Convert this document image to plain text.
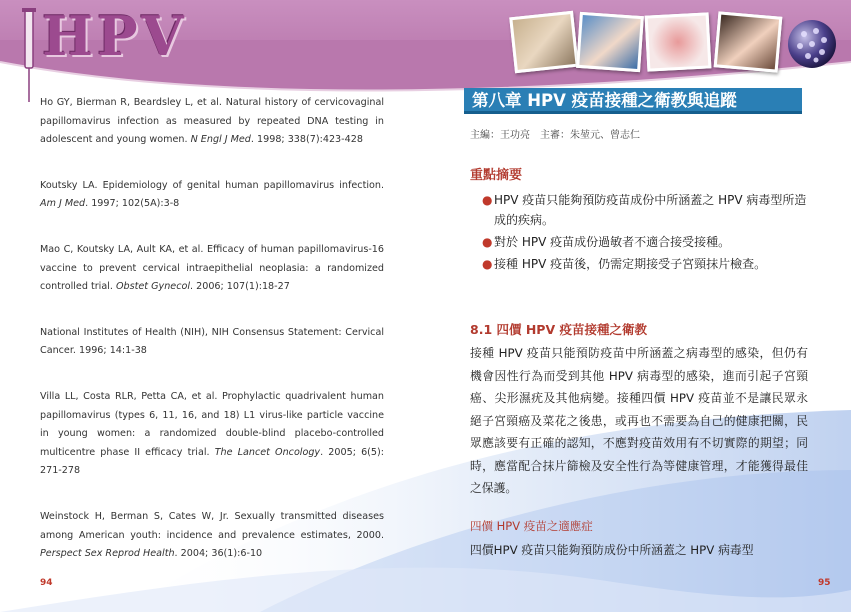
HPV

Ho GY, Bierman R, Beardsley L, et al. Natural history of cervicovaginal papillomavirus infection as measured by repeated DNA testing in adolescent and young women. N Engl J Med. 1998; 338(7):423-428

Koutsky LA. Epidemiology of genital human papillomavirus infection. Am J Med. 1997; 102(5A):3-8

Mao C, Koutsky LA, Ault KA, et al. Efficacy of human papillomavirus-16 vaccine to prevent cervical intraepithelial neoplasia: a randomized controlled trial. Obstet Gynecol. 2006; 107(1):18-27

National Institutes of Health (NIH), NIH Consensus Statement: Cervical Cancer. 1996; 14:1-38

Villa LL, Costa RLR, Petta CA, et al. Prophylactic quadrivalent human papillomavirus (types 6, 11, 16, and 18) L1 virus-like particle vaccine in young women: a randomized double-blind placebo-controlled multicentre phase II efficacy trial. The Lancet Oncology. 2005; 6(5): 271-278

Weinstock H, Berman S, Cates W, Jr. Sexually transmitted diseases among American youth: incidence and prevalence estimates, 2000. Perspect Sex Reprod Health. 2004; 36(1):6-10

94
第八章 HPV 疫苗接種之衛教與追蹤
主編：王功亮　主審：朱堃元、曾志仁
重點摘要
● HPV 疫苗只能夠預防疫苗成份中所涵蓋之 HPV 病毒型所造成的疾病。
● 對於 HPV 疫苗成份過敏者不適合接受接種。
● 接種 HPV 疫苗後，仍需定期接受子宮頸抹片檢查。
8.1 四價 HPV 疫苗接種之衛教
接種 HPV 疫苗只能預防疫苗中所涵蓋之病毒型的感染，但仍有機會因性行為而受到其他 HPV 病毒型的感染，進而引起子宮頸癌、尖形濕疣及其他病變。接種四價 HPV 疫苗並不是讓民眾永絕子宮頸癌及菜花之後患，或再也不需要為自己的健康把關，民眾應該要有正確的認知，不應對疫苗效用有不切實際的期望；同時，應當配合抹片篩檢及安全性行為等健康管理，才能獲得最佳之保護。
四價 HPV 疫苗之適應症
四價HPV 疫苗只能夠預防成份中所涵蓋之 HPV 病毒型
95
